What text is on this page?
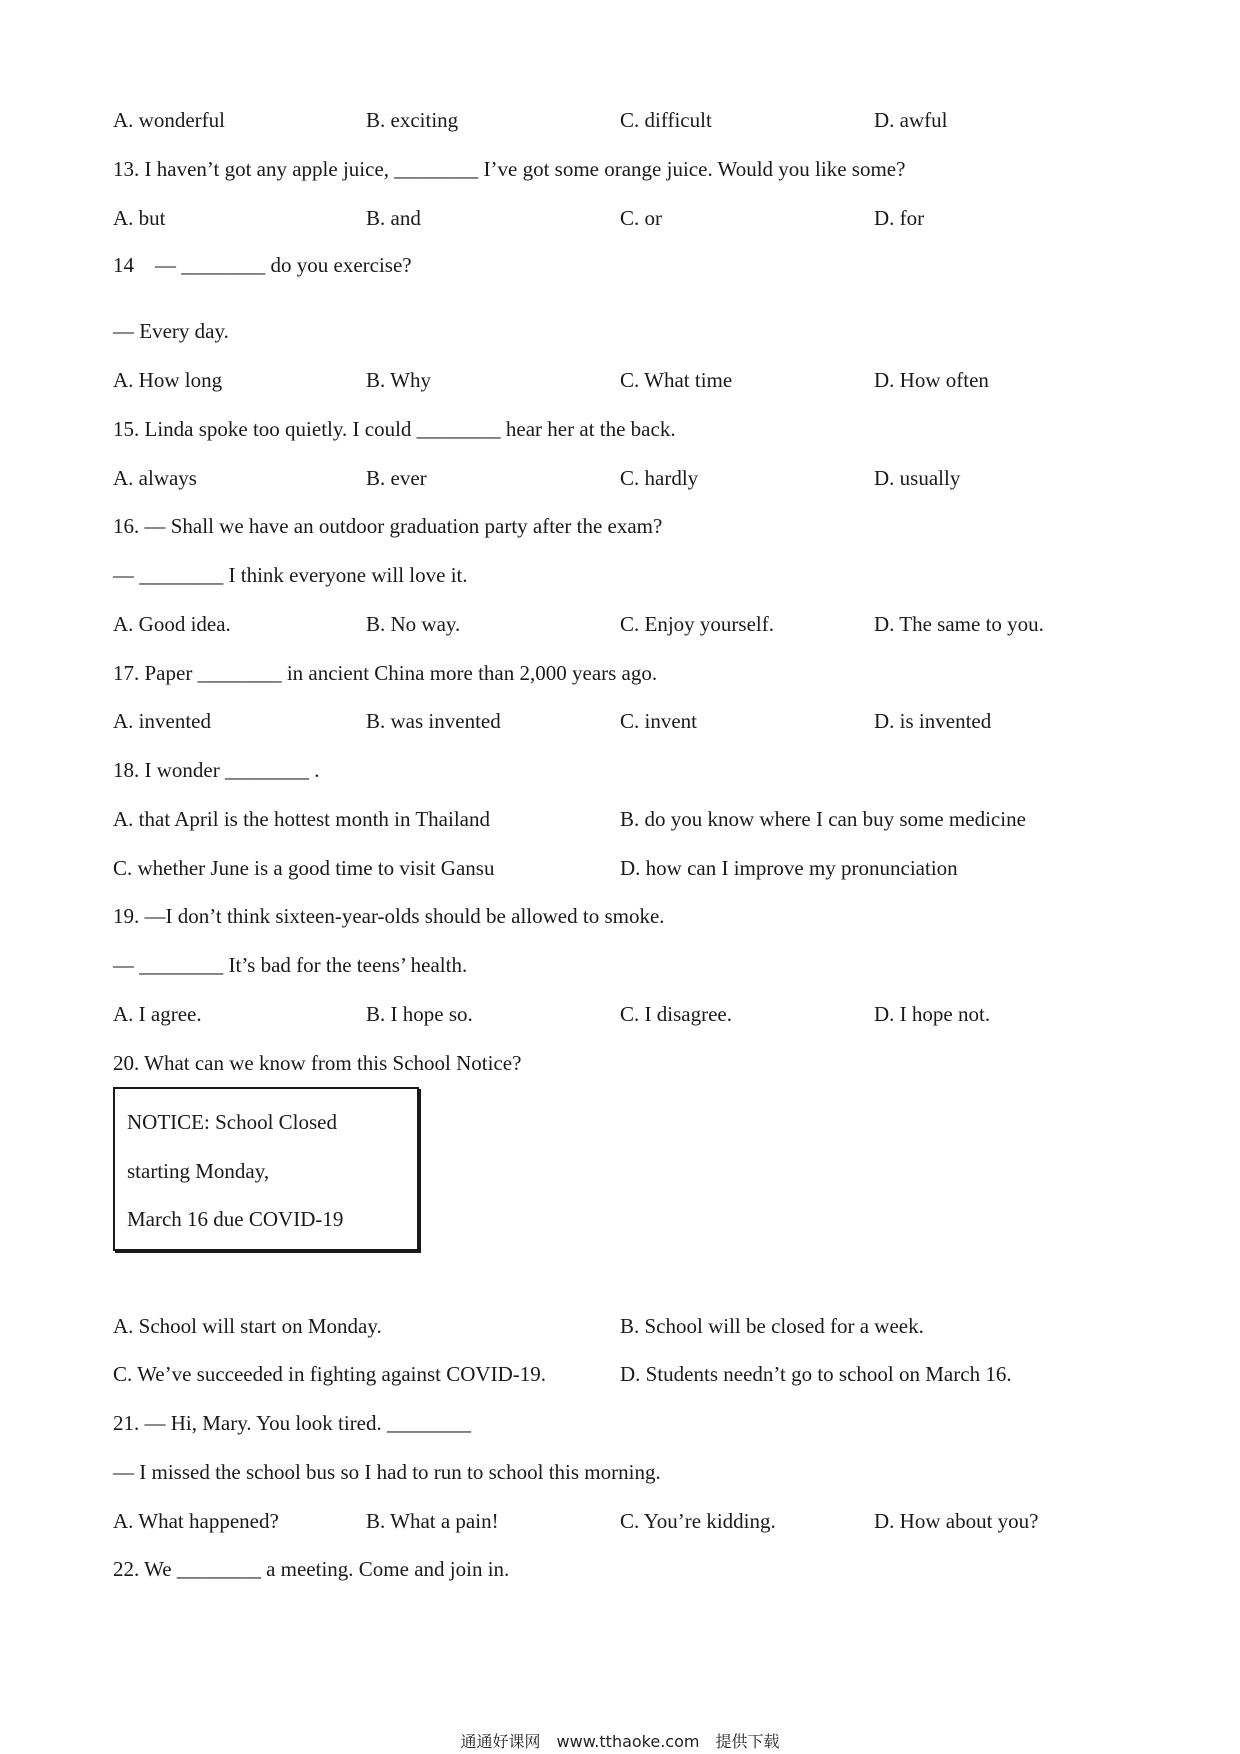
A. wonderful	B. exciting	C. difficult	D. awful
13. I haven’t got any apple juice, ________ I’ve got some orange juice. Would you like some?
A. but	B. and	C. or	D. for
14　— ________ do you exercise?
— Every day.
A. How long	B. Why	C. What time	D. How often
15. Linda spoke too quietly. I could ________ hear her at the back.
A. always	B. ever	C. hardly	D. usually
16. — Shall we have an outdoor graduation party after the exam?
— ________ I think everyone will love it.
A. Good idea.	B. No way.	C. Enjoy yourself.	D. The same to you.
17. Paper ________ in ancient China more than 2,000 years ago.
A. invented	B. was invented	C. invent	D. is invented
18. I wonder ________ .
A. that April is the hottest month in Thailand	B. do you know where I can buy some medicine
C. whether June is a good time to visit Gansu	D. how can I improve my pronunciation
19. —I don’t think sixteen-year-olds should be allowed to smoke.
— ________ It’s bad for the teens’ health.
A. I agree.	B. I hope so.	C. I disagree.	D. I hope not.
20. What can we know from this School Notice?
NOTICE: School Closed
starting Monday,
March 16 due COVID-19
A. School will start on Monday.	B. School will be closed for a week.
C. We’ve succeeded in fighting against COVID-19.	D. Students needn’t go to school on March 16.
21. — Hi, Mary. You look tired. ________
— I missed the school bus so I had to run to school this morning.
A. What happened?	B. What a pain!	C. You’re kidding.	D. How about you?
22. We ________ a meeting. Come and join in.
通通好课网　www.tthaoke.com　提供下载
